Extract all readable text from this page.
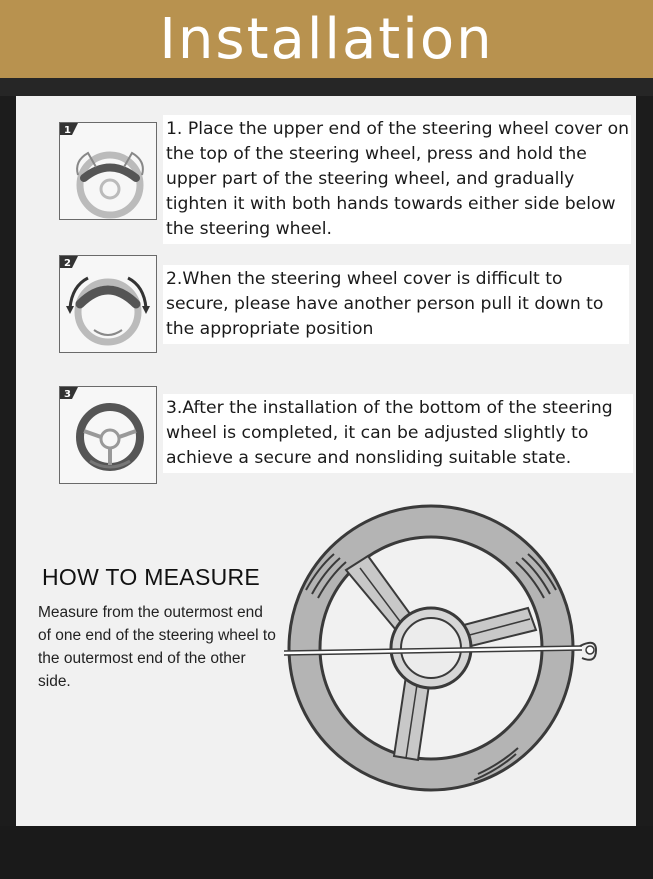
Installation
1	1. Place the upper end of the steering wheel cover on the top of the steering wheel, press and hold the upper part of the steering wheel, and gradually tighten it with both hands towards either side below the steering wheel.
2
2.When the steering wheel cover is difficult to secure, please have another person pull it down to the appropriate position
3
3.After the installation of the bottom of the steering wheel is completed, it can be adjusted slightly to achieve a secure and nonsliding suitable state.
HOW TO MEASURE
Measure from the outermost end of one end of the steering wheel to the outermost end of the other side.
